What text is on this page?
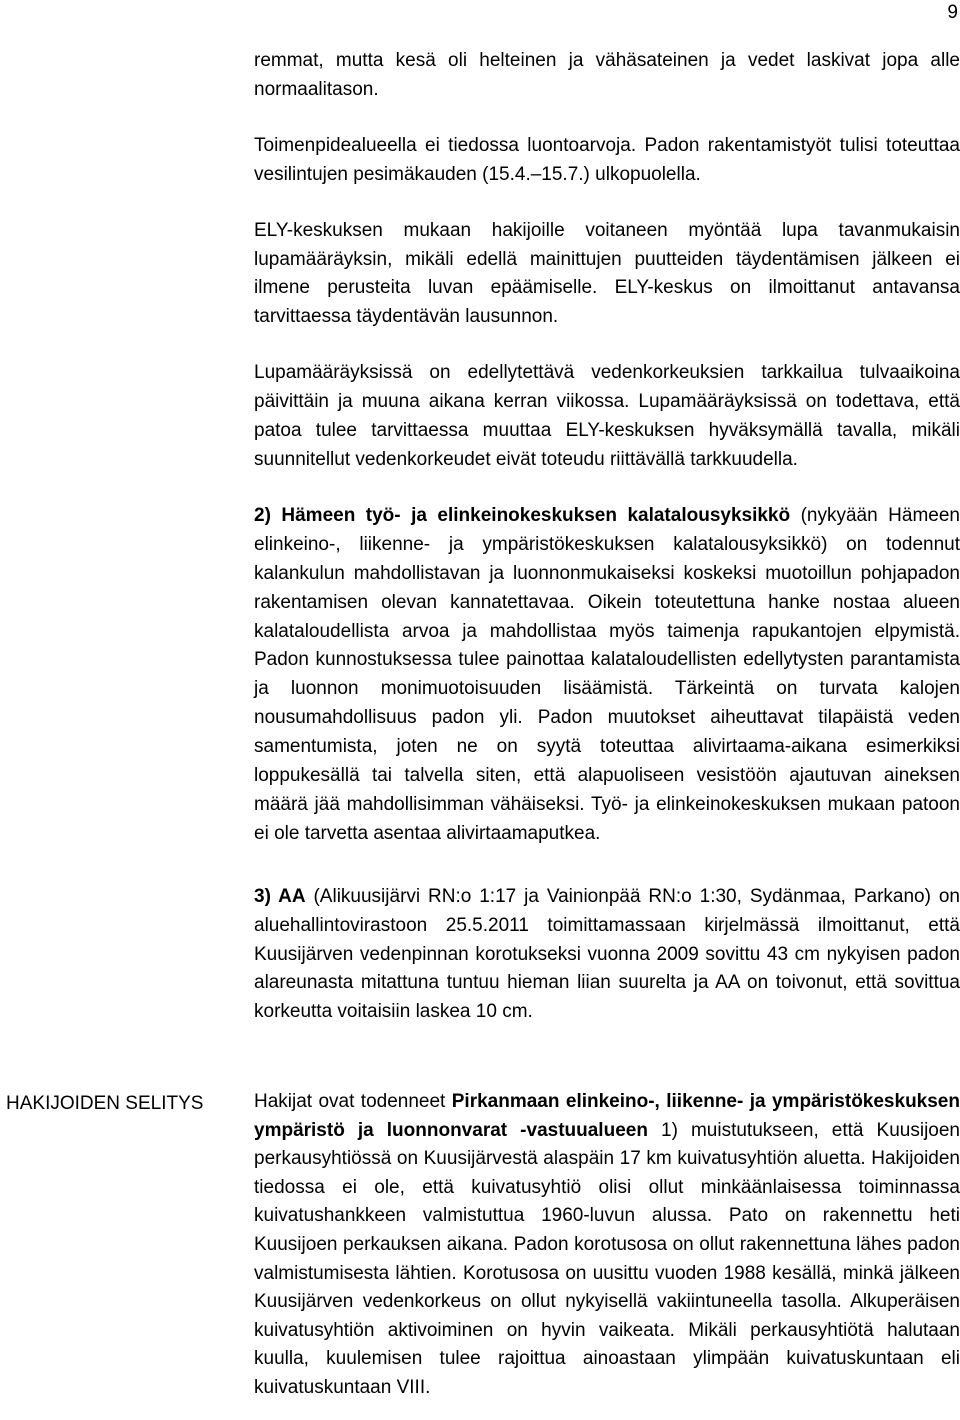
9

remmat, mutta kesä oli helteinen ja vähäsateinen ja vedet laskivat jopa alle normaalitason.

Toimenpidealueella ei tiedossa luontoarvoja. Padon rakentamistyöt tulisi toteuttaa vesilintujen pesimäkauden (15.4.–15.7.) ulkopuolella.

ELY-keskuksen mukaan hakijoille voitaneen myöntää lupa tavanmukaisin lupamääräyksin, mikäli edellä mainittujen puutteiden täydentämisen jälkeen ei ilmene perusteita luvan epäämiselle. ELY-keskus on ilmoittanut antavansa tarvittaessa täydentävän lausunnon.

Lupamääräyksissä on edellytettävä vedenkorkeuksien tarkkailua tulvaaikoina päivittäin ja muuna aikana kerran viikossa. Lupamääräyksissä on todettava, että patoa tulee tarvittaessa muuttaa ELY-keskuksen hyväksymällä tavalla, mikäli suunnitellut vedenkorkeudet eivät toteudu riittävällä tarkkuudella.

2) Hämeen työ- ja elinkeinokeskuksen kalatalousyksikkö (nykyään Hämeen elinkeino-, liikenne- ja ympäristökeskuksen kalatalousyksikkö) on todennut kalankulun mahdollistavan ja luonnonmukaiseksi koskeksi muotoillun pohjapadon rakentamisen olevan kannatettavaa. Oikein toteutettuna hanke nostaa alueen kalataloudellista arvoa ja mahdollistaa myös taimenja rapukantojen elpymistä. Padon kunnostuksessa tulee painottaa kalataloudellisten edellytysten parantamista ja luonnon monimuotoisuuden lisäämistä. Tärkeintä on turvata kalojen nousumahdollisuus padon yli. Padon muutokset aiheuttavat tilapäistä veden samentumista, joten ne on syytä toteuttaa alivirtaama-aikana esimerkiksi loppukesällä tai talvella siten, että alapuoliseen vesistöön ajautuvan aineksen määrä jää mahdollisimman vähäiseksi. Työ- ja elinkeinokeskuksen mukaan patoon ei ole tarvetta asentaa alivirtaamaputkea.

3) AA (Alikuusijärvi RN:o 1:17 ja Vainionpää RN:o 1:30, Sydänmaa, Parkano) on aluehallintovirastoon 25.5.2011 toimittamassaan kirjelmässä ilmoittanut, että Kuusijärven vedenpinnan korotukseksi vuonna 2009 sovittu 43 cm nykyisen padon alareunasta mitattuna tuntuu hieman liian suurelta ja AA on toivonut, että sovittua korkeutta voitaisiin laskea 10 cm.

HAKIJOIDEN SELITYS	Hakijat ovat todenneet Pirkanmaan elinkeino-, liikenne- ja ympäristökeskuksen ympäristö ja luonnonvarat -vastuualueen 1) muistutukseen, että Kuusijoen perkausyhtiössä on Kuusijärvestä alaspäin 17 km kuivatusyhtiön aluetta. Hakijoiden tiedossa ei ole, että kuivatusyhtiö olisi ollut minkäänlaisessa toiminnassa kuivatushankkeen valmistuttua 1960-luvun alussa. Pato on rakennettu heti Kuusijoen perkauksen aikana. Padon korotusosa on ollut rakennettuna lähes padon valmistumisesta lähtien. Korotusosa on uusittu vuoden 1988 kesällä, minkä jälkeen Kuusijärven vedenkorkeus on ollut nykyisellä vakiintuneella tasolla. Alkuperäisen kuivatusyhtiön aktivoiminen on hyvin vaikeata. Mikäli perkausyhtiötä halutaan kuulla, kuulemisen tulee rajoittua ainoastaan ylimpään kuivatuskuntaan eli kuivatuskuntaan VIII.
